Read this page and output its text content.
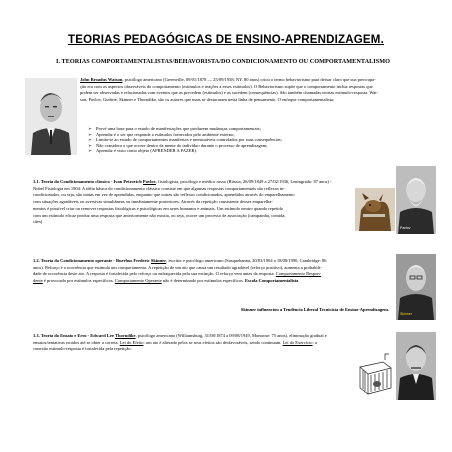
TEORIAS PEDAGÓGICAS DE ENSINO-APRENDIZAGEM.
I. TEORIAS COMPORTAMENTALISTAS/BEHAVORISTA/DO CONDICIONAMENTO OU COMPORTAMENTALISMO
John Broadus Watson, psicólogo americano (Greenville, 09/01/1878 — 25/09/1958, NY. 80 anos) criou o termo behaviorismo para deixar claro que sua preocupa-
ção era com os aspectos observáveis do comportamento (estímulos e reações a esses estímulos). O Behaviorismo supõe que o comportamento inclua respostas que
podem ser observadas e relacionadas com eventos que as precedem (estímulos) e as sucedem (consequências). São também chamadas teorias estímulo-resposta. Wat-
son, Pavlov, Guthrie, Skinner e Thorndike, são os autores que mais se destacaram nesta linha de pensamento. O enfoque comportamentalista:
➢ Prové uma base para o estudo de manifestações que produzem mudanças comportamentais;
➢ Aprendiz é o ser que responde a estímulos fornecidos pelo ambiente externo;
➢ Limita-se ao estudo de comportamentos manifestos e mensuráveis controlados por suas consequências;
➢ Não considera o que ocorre dentro da mente do indivíduo durante o processo de aprendizagem;
➢ Aprendiz é visto como objeto (APRENDER A FAZER).
1.1. Teoria do Condicionamento clássico - Ivan Petrovich Pavlov, fisiologista, psicólogo e médico russo (Rússia, 26/09/1849 a 27/02/1936, Leningrado: 87 anos) -
Nobel Fisiologia em 1904. A idéia básica do condicionamento clássico consiste em que algumas respostas comportamentais são reflexos in-
condicionados, ou seja, são inatas em vez de aprendidas, enquanto que outras são reflexos condicionados, aprendidos através do emparelhamento
com situações agradáveis ou aversivas simultâneas ou imediatamente posteriores. Através da repetição consistente desses emparelha-
mentos é possível criar ou remover respostas fisiológicas e psicológicas em seres humanos e animais. Um estímulo neutro quando repetido
com um estímulo eficaz produz uma resposta que anteriormente não existia, ou seja, ocorre um processo de associação (campainha, comida,
cães)
Pavlov
1.2. Teoria do Condicionamento operante - Burrhus Frederic Skinner, escritor e psicólogo americano (Susquehanna, 20/03/1904 a 18/08/1990, Cambridge: 86
anos). Reforço é a ocorrência que estimula um comportamento. A repetição de um ato que causa um resultado agradável (reforço positivo), aumenta a probabili-
dade de ocorrência deste ato. A resposta é fortalecida pelo reforço ou enfraquecida pela sua extinção. O reforço vem antes da resposta. Comportamento Respon-
dente é provocado por estímulos específicos. Comportamento Operante não é determinado por estímulos específicos. Escola Comportamentalista
Skinner influenciou a Tendência Liberal Tecnicista de Ensino-Aprendizagem.
Skinner
1.3. Teoria do Ensaio e Erro - Edward Lee Thorndike, psicólogo americano (Williamsburg, 31/08/1874 a 09/08/1949, Montrose: 75 anos). eliminação gradual e
ensaios/tentativas errados até se obter a correta. Lei do Efeito: um ato é alterado pelos se seus efeitos são desfavoráveis, sendo continuam. Lei do Exercício: a
conexão estímulo-resposta é fortalecida pela repetição.
